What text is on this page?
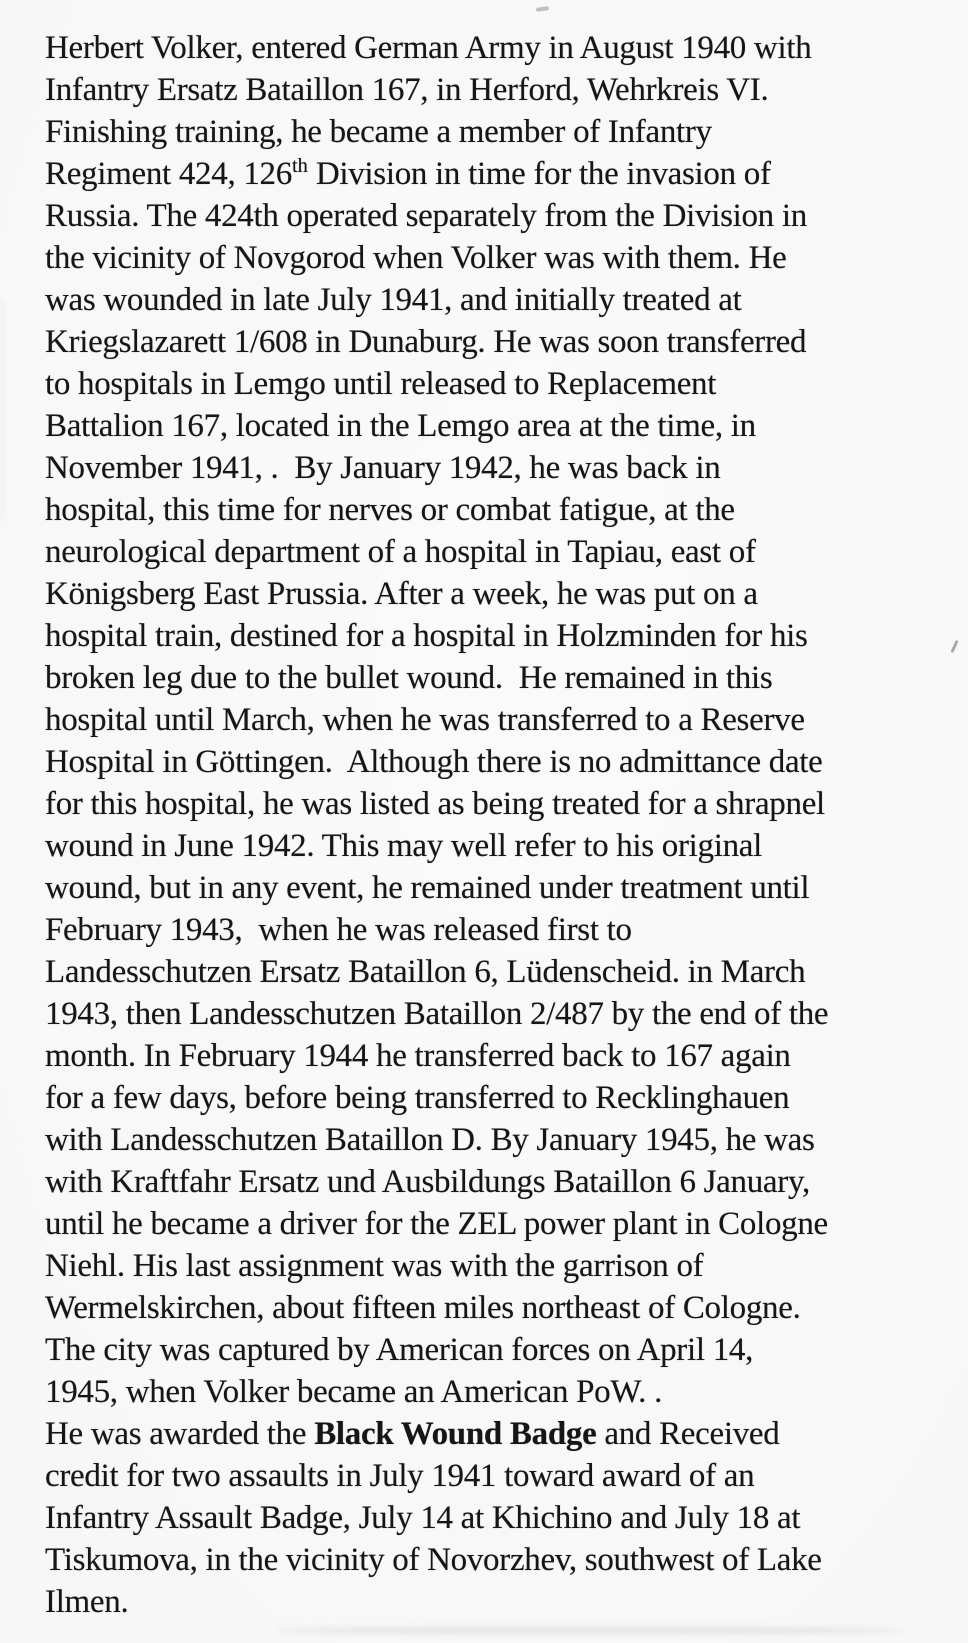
Herbert Volker, entered German Army in August 1940 with
Infantry Ersatz Bataillon 167, in Herford, Wehrkreis VI.
Finishing training, he became a member of Infantry
Regiment 424, 126th Division in time for the invasion of
Russia. The 424th operated separately from the Division in
the vicinity of Novgorod when Volker was with them. He
was wounded in late July 1941, and initially treated at
Kriegslazarett 1/608 in Dunaburg. He was soon transferred
to hospitals in Lemgo until released to Replacement
Battalion 167, located in the Lemgo area at the time, in
November 1941, .  By January 1942, he was back in
hospital, this time for nerves or combat fatigue, at the
neurological department of a hospital in Tapiau, east of
Königsberg East Prussia. After a week, he was put on a
hospital train, destined for a hospital in Holzminden for his
broken leg due to the bullet wound.  He remained in this
hospital until March, when he was transferred to a Reserve
Hospital in Göttingen.  Although there is no admittance date
for this hospital, he was listed as being treated for a shrapnel
wound in June 1942. This may well refer to his original
wound, but in any event, he remained under treatment until
February 1943,  when he was released first to
Landesschutzen Ersatz Bataillon 6, Lüdenscheid. in March
1943, then Landesschutzen Bataillon 2/487 by the end of the
month. In February 1944 he transferred back to 167 again
for a few days, before being transferred to Recklinghauen
with Landesschutzen Bataillon D. By January 1945, he was
with Kraftfahr Ersatz und Ausbildungs Bataillon 6 January,
until he became a driver for the ZEL power plant in Cologne
Niehl. His last assignment was with the garrison of
Wermelskirchen, about fifteen miles northeast of Cologne.
The city was captured by American forces on April 14,
1945, when Volker became an American PoW. .
He was awarded the Black Wound Badge and Received
credit for two assaults in July 1941 toward award of an
Infantry Assault Badge, July 14 at Khichino and July 18 at
Tiskumova, in the vicinity of Novorzhev, southwest of Lake
Ilmen.
